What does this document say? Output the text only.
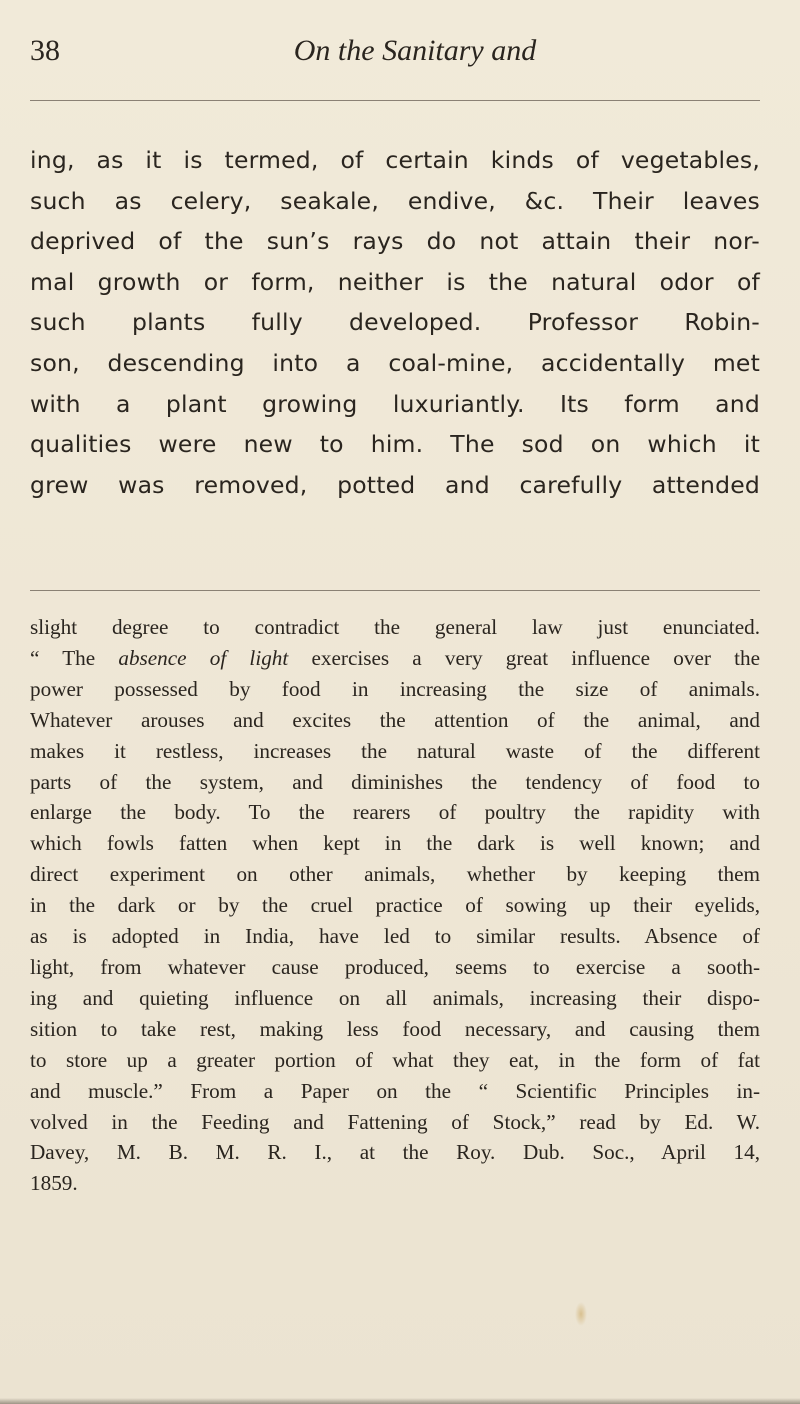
38	On the Sanitary and
ing, as it is termed, of certain kinds of vegetables,
such as celery, seakale, endive, &c. Their leaves
deprived of the sun’s rays do not attain their nor-
mal growth or form, neither is the natural odor of
such plants fully developed. Professor Robin-
son, descending into a coal-mine, accidentally met
with a plant growing luxuriantly. Its form and
qualities were new to him. The sod on which it
grew was removed, potted and carefully attended
slight degree to contradict the general law just enunciated.
“ The absence of light exercises a very great influence over the
power possessed by food in increasing the size of animals.
Whatever arouses and excites the attention of the animal, and
makes it restless, increases the natural waste of the different
parts of the system, and diminishes the tendency of food to
enlarge the body. To the rearers of poultry the rapidity with
which fowls fatten when kept in the dark is well known; and
direct experiment on other animals, whether by keeping them
in the dark or by the cruel practice of sowing up their eyelids,
as is adopted in India, have led to similar results. Absence of
light, from whatever cause produced, seems to exercise a sooth-
ing and quieting influence on all animals, increasing their dispo-
sition to take rest, making less food necessary, and causing them
to store up a greater portion of what they eat, in the form of fat
and muscle.” From a Paper on the “ Scientific Principles in-
volved in the Feeding and Fattening of Stock,” read by Ed. W.
Davey, M. B. M. R. I., at the Roy. Dub. Soc., April 14,
1859.
